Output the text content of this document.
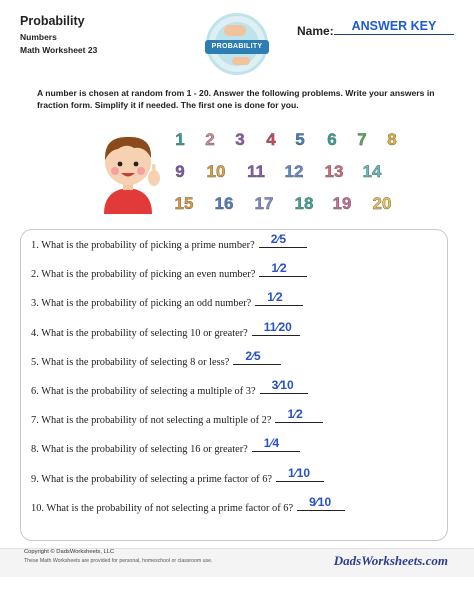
Probability
Numbers
Math Worksheet 23	PROBABILITY
Name:	ANSWER KEY
A number is chosen at random from 1 - 20. Answer the following problems. Write your answers in fraction form. Simplify it if needed. The first one is done for you.
1	2	3	4	5	6	7	8
9	10	11	12	13	14
15	16	17	18	19	20
1. What is the probability of picking a prime number? 2⁄5
2. What is the probability of picking an even number? 1⁄2
3. What is the probability of picking an odd number? 1⁄2
4. What is the probability of selecting 10 or greater? 11⁄20
5. What is the probability of selecting 8 or less? 2⁄5
6. What is the probability of selecting a multiple of 3? 3⁄10
7. What is the probability of not selecting a multiple of 2? 1⁄2
8. What is the probability of selecting 16 or greater? 1⁄4
9. What is the probability of selecting a prime factor of 6? 1⁄10
10. What is the probability of not selecting a prime factor of 6? 9⁄10
Copyright © DadsWorksheets, LLC
These Math Worksheets are provided for personal, homeschool or classroom use.	DadsWorksheets.com
